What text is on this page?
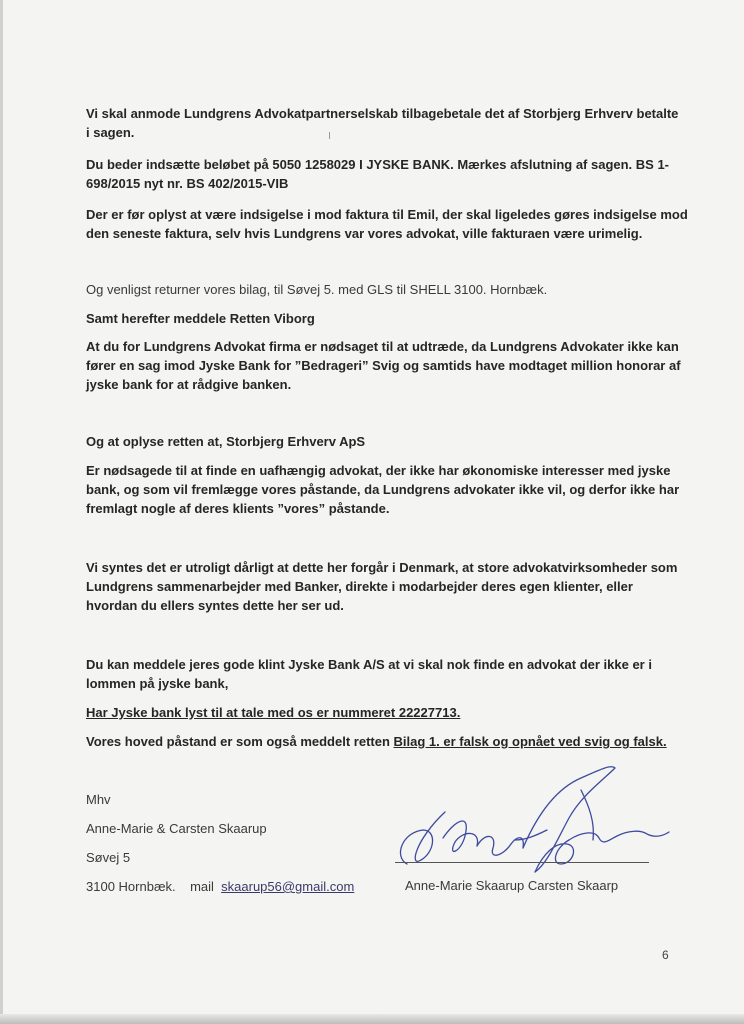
Vi skal anmode Lundgrens Advokatpartnerselskab tilbagebetale det af Storbjerg Erhverv betalte
i sagen.

Du beder indsætte beløbet på 5050 1258029 I JYSKE BANK. Mærkes afslutning af sagen. BS 1-
698/2015 nyt nr. BS 402/2015-VIB

Der er før oplyst at være indsigelse i mod faktura til Emil, der skal ligeledes gøres indsigelse mod
den seneste faktura, selv hvis Lundgrens var vores advokat, ville fakturaen være urimelig.

Og venligst returner vores bilag, til Søvej 5. med GLS til SHELL 3100. Hornbæk.

Samt herefter meddele Retten Viborg

At du for Lundgrens Advokat firma er nødsaget til at udtræde, da Lundgrens Advokater ikke kan
fører en sag imod Jyske Bank for ”Bedrageri” Svig og samtids have modtaget million honorar af
jyske bank for at rådgive banken.

Og at oplyse retten at, Storbjerg Erhverv ApS

Er nødsagede til at finde en uafhængig advokat, der ikke har økonomiske interesser med jyske
bank, og som vil fremlægge vores påstande, da Lundgrens advokater ikke vil, og derfor ikke har
fremlagt nogle af deres klients ”vores” påstande.

Vi syntes det er utroligt dårligt at dette her forgår i Denmark, at store advokatvirksomheder som
Lundgrens sammenarbejder med Banker, direkte i modarbejder deres egen klienter, eller
hvordan du ellers syntes dette her ser ud.

Du kan meddele jeres gode klint Jyske Bank A/S at vi skal nok finde en advokat der ikke er i
lommen på jyske bank,

Har Jyske bank lyst til at tale med os er nummeret 22227713.

Vores hoved påstand er som også meddelt retten Bilag 1. er falsk og opnået ved svig og falsk.

Mhv
Anne-Marie & Carsten Skaarup
Søvej 5
3100 Hornbæk. mail skaarup56@gmail.com	Anne-Marie Skaarup Carsten Skaarp
6
